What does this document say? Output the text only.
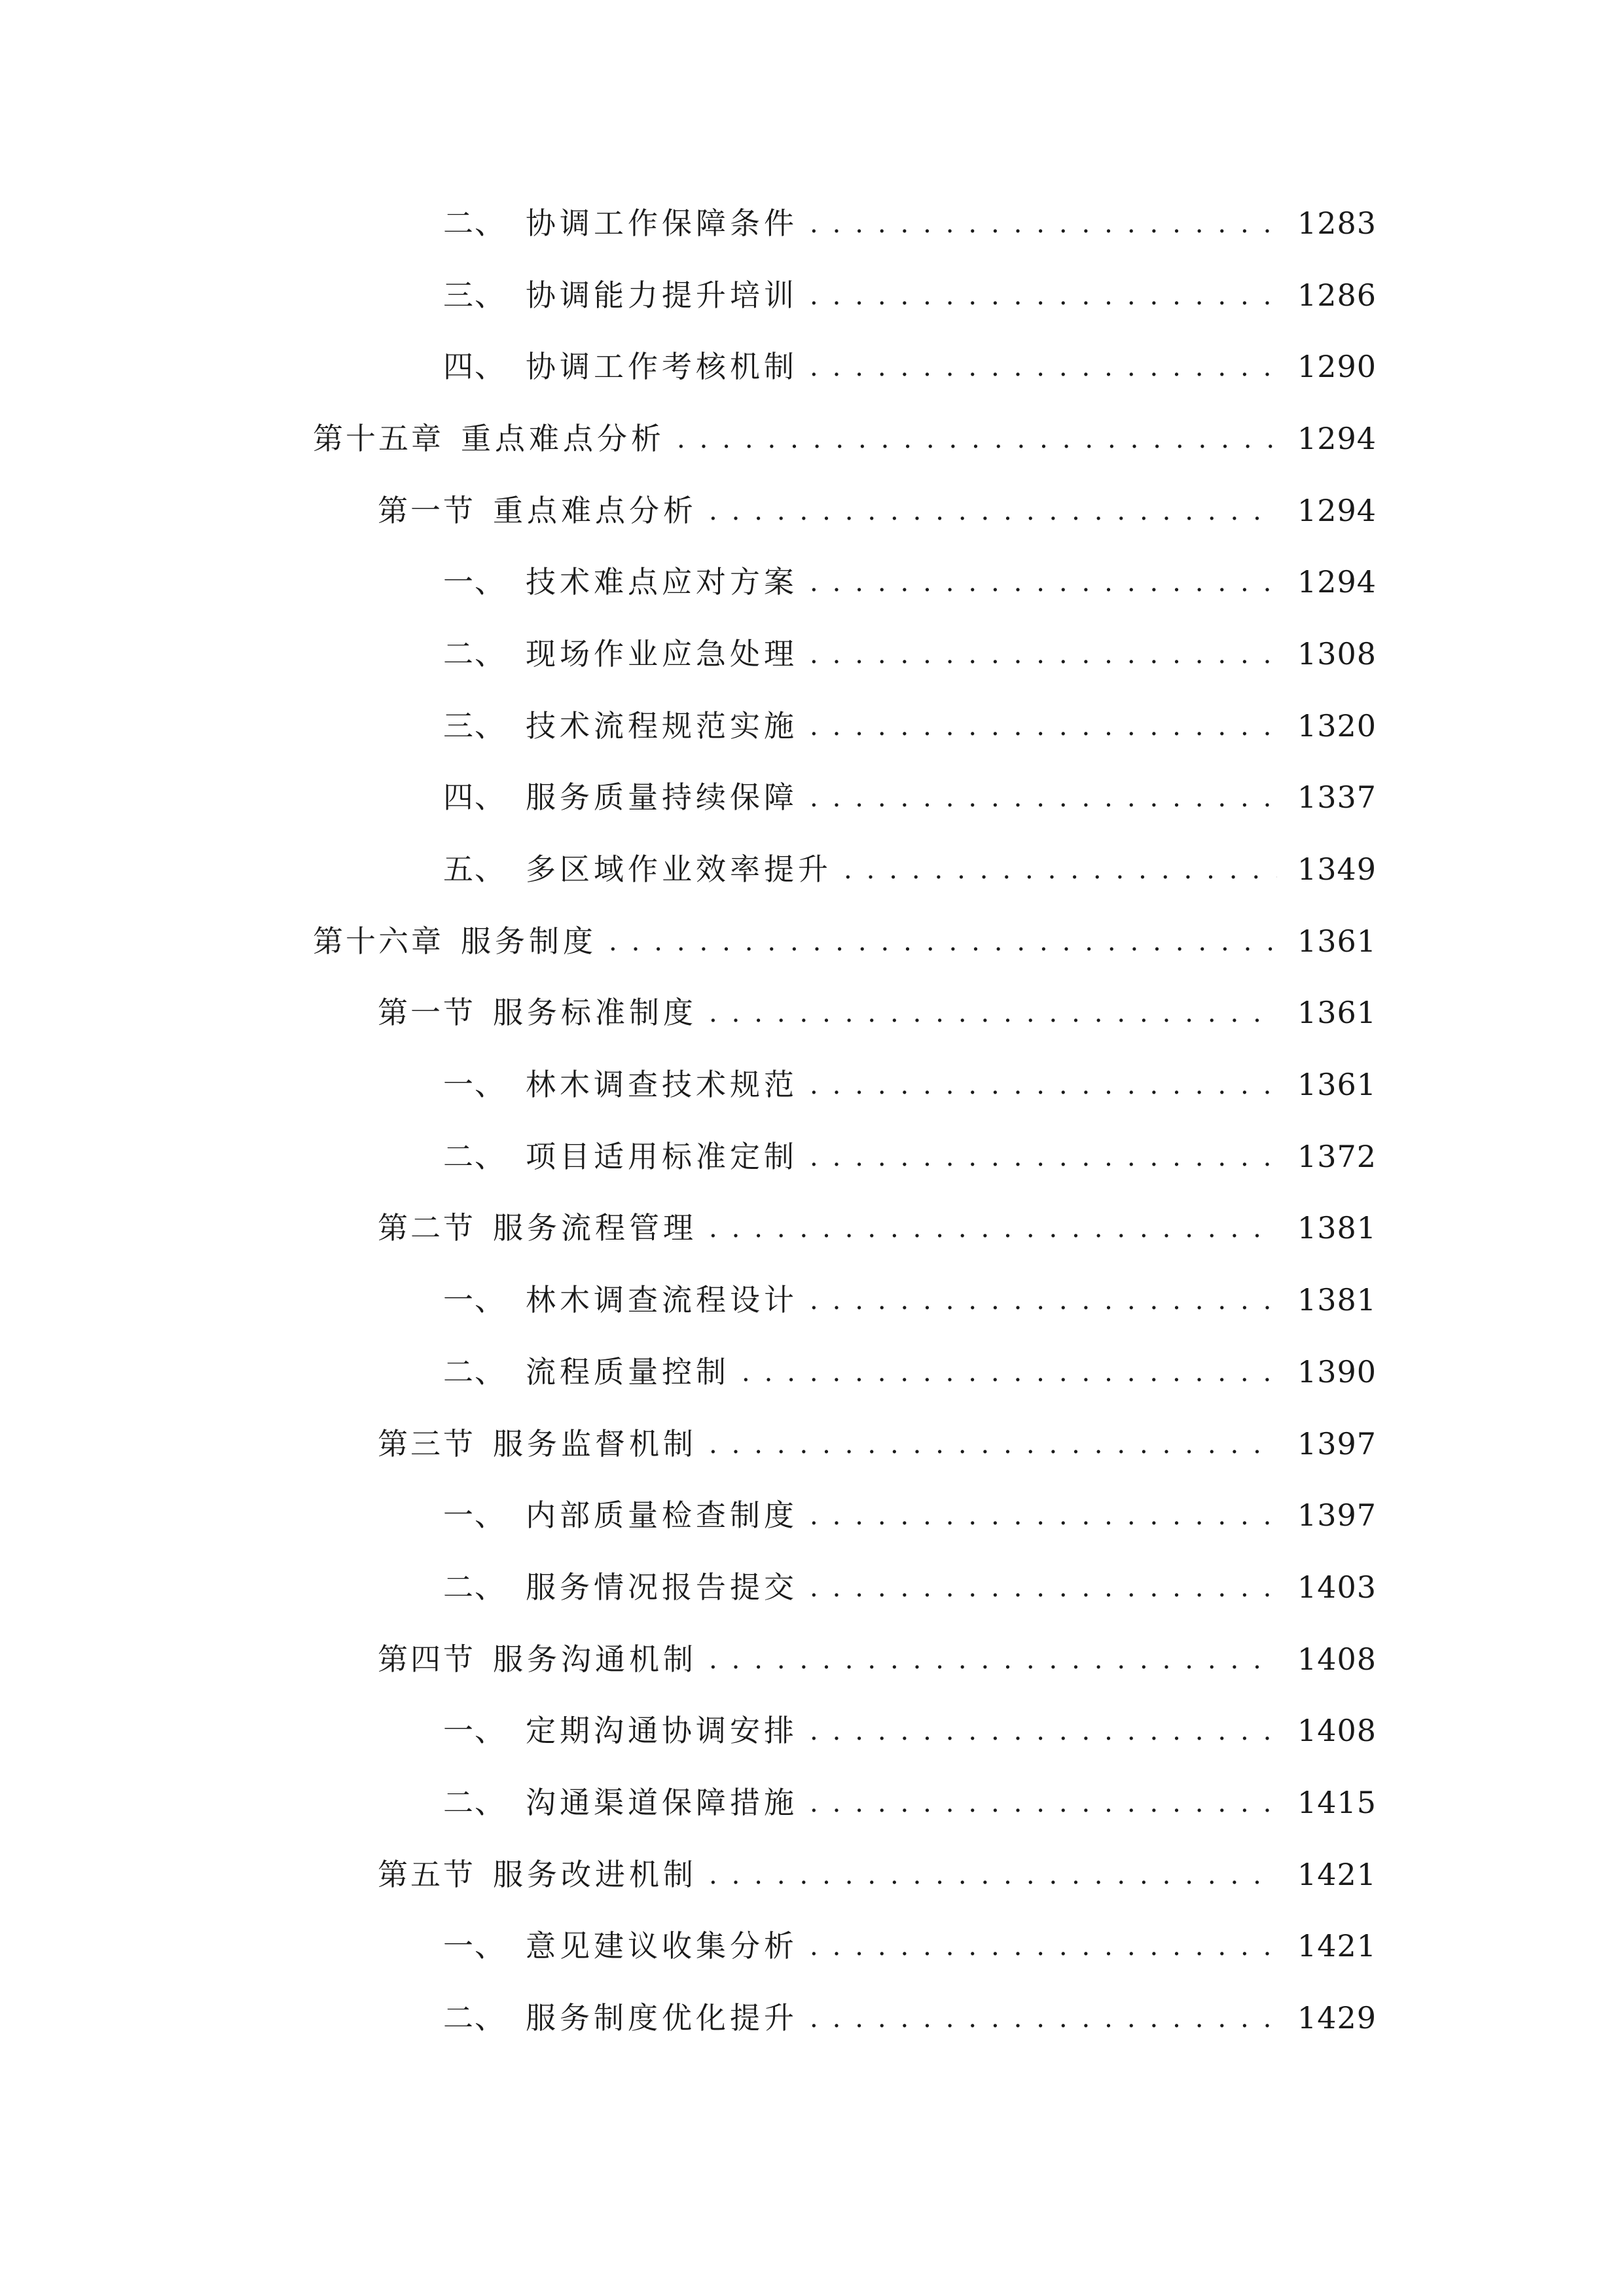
二、 协调工作保障条件 . . .	1283
三、 协调能力提升培训 . . .	1286
四、 协调工作考核机制 . . .	1290
第十五章 重点难点分析 . . .	1294
第一节 重点难点分析 . . .	1294
一、 技术难点应对方案 . . .	1294
二、 现场作业应急处理 . . .	1308
三、 技术流程规范实施 . . .	1320
四、 服务质量持续保障 . . .	1337
五、 多区域作业效率提升 . . .	1349
第十六章 服务制度 . . .	1361
第一节 服务标准制度 . . .	1361
一、 林木调查技术规范 . . .	1361
二、 项目适用标准定制 . . .	1372
第二节 服务流程管理 . . .	1381
一、 林木调查流程设计 . . .	1381
二、 流程质量控制 . . .	1390
第三节 服务监督机制 . . .	1397
一、 内部质量检查制度 . . .	1397
二、 服务情况报告提交 . . .	1403
第四节 服务沟通机制 . . .	1408
一、 定期沟通协调安排 . . .	1408
二、 沟通渠道保障措施 . . .	1415
第五节 服务改进机制 . . .	1421
一、 意见建议收集分析 . . .	1421
二、 服务制度优化提升 . . .	1429
